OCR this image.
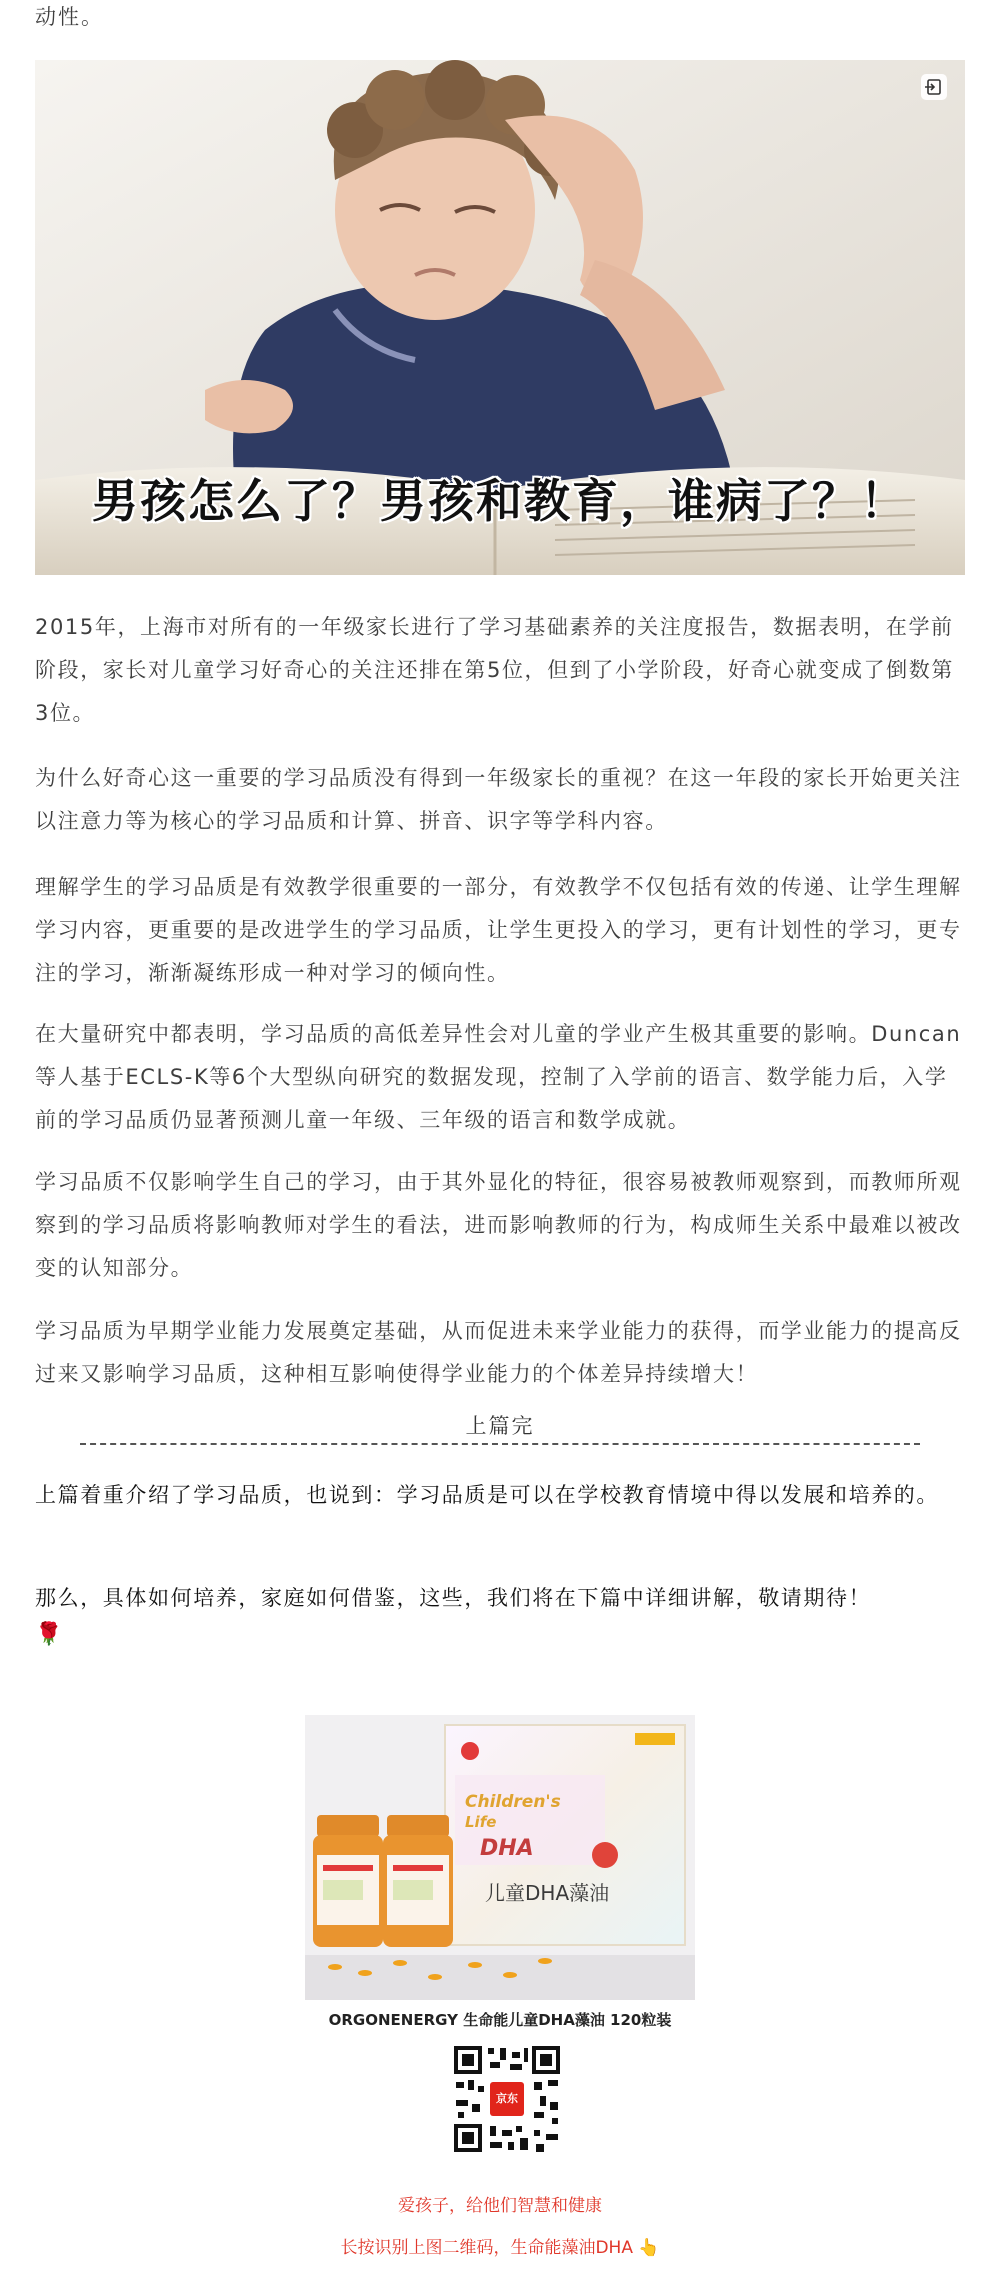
动性。
男孩怎么了？男孩和教育，谁病了？！
2015年，上海市对所有的一年级家长进行了学习基础素养的关注度报告，数据表明，在学前阶段，家长对儿童学习好奇心的关注还排在第5位，但到了小学阶段，好奇心就变成了倒数第3位。
为什么好奇心这一重要的学习品质没有得到一年级家长的重视？在这一年段的家长开始更关注以注意力等为核心的学习品质和计算、拼音、识字等学科内容。
理解学生的学习品质是有效教学很重要的一部分，有效教学不仅包括有效的传递、让学生理解学习内容，更重要的是改进学生的学习品质，让学生更投入的学习，更有计划性的学习，更专注的学习，渐渐凝练形成一种对学习的倾向性。
在大量研究中都表明，学习品质的高低差异性会对儿童的学业产生极其重要的影响。Duncan等人基于ECLS-K等6个大型纵向研究的数据发现，控制了入学前的语言、数学能力后，入学前的学习品质仍显著预测儿童一年级、三年级的语言和数学成就。
学习品质不仅影响学生自己的学习，由于其外显化的特征，很容易被教师观察到，而教师所观察到的学习品质将影响教师对学生的看法，进而影响教师的行为，构成师生关系中最难以被改变的认知部分。
学习品质为早期学业能力发展奠定基础，从而促进未来学业能力的获得，而学业能力的提高反过来又影响学习品质，这种相互影响使得学业能力的个体差异持续增大！
上篇完
上篇着重介绍了学习品质，也说到：学习品质是可以在学校教育情境中得以发展和培养的。
那么，具体如何培养，家庭如何借鉴，这些，我们将在下篇中详细讲解，敬请期待！
🌹
Children's
Life
DHA
儿童DHA藻油
ORGONENERGY 生命能儿童DHA藻油 120粒装
京东
爱孩子，给他们智慧和健康
长按识别上图二维码，生命能藻油DHA 👆
